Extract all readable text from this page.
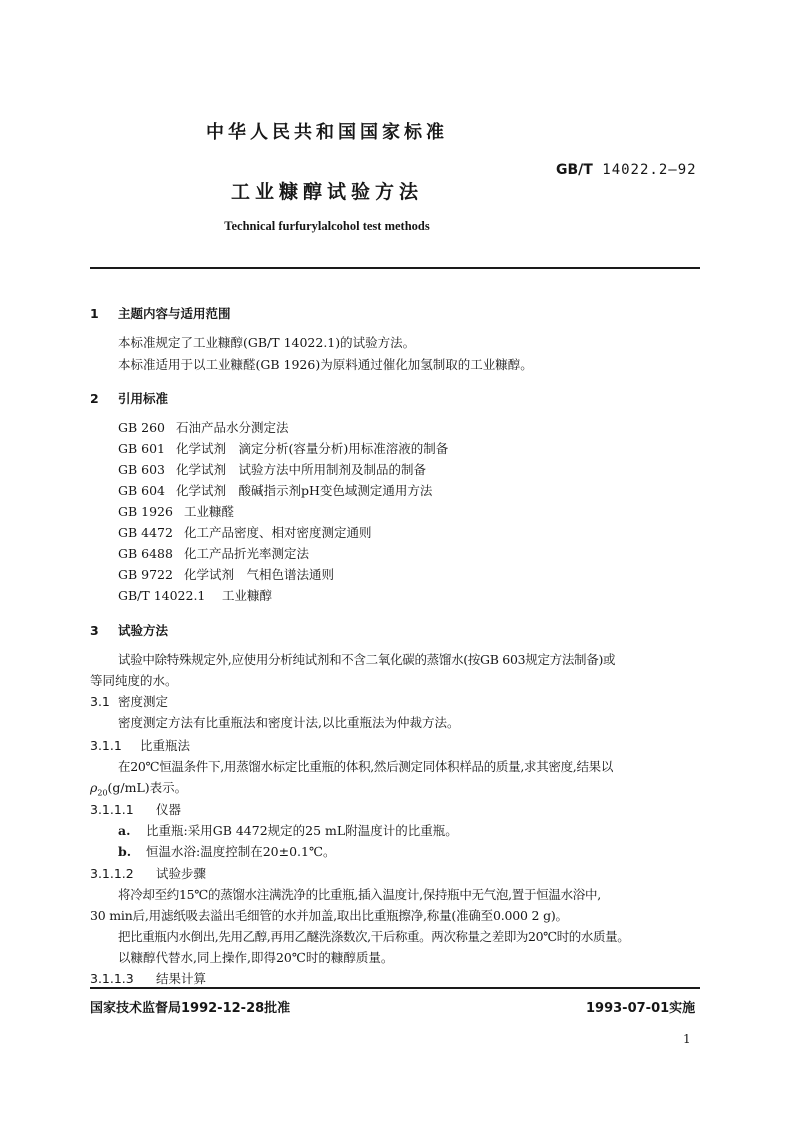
中华人民共和国国家标准
GB/T 14022.2—92
工业糠醇试验方法
Technical furfurylalcohol test methods
1 主题内容与适用范围
本标准规定了工业糠醇(GB/T 14022.1)的试验方法。
本标准适用于以工业糠醛(GB 1926)为原料通过催化加氢制取的工业糠醇。
2 引用标准
GB 260 石油产品水分测定法
GB 601 化学试剂　滴定分析(容量分析)用标准溶液的制备
GB 603 化学试剂　试验方法中所用制剂及制品的制备
GB 604 化学试剂　酸碱指示剂pH变色域测定通用方法
GB 1926 工业糠醛
GB 4472 化工产品密度、相对密度测定通则
GB 6488 化工产品折光率测定法
GB 9722 化学试剂　气相色谱法通则
GB/T 14022.1 工业糠醇
3 试验方法
试验中除特殊规定外,应使用分析纯试剂和不含二氧化碳的蒸馏水(按GB 603规定方法制备)或
等同纯度的水。
3.1 密度测定
密度测定方法有比重瓶法和密度计法,以比重瓶法为仲裁方法。
3.1.1 比重瓶法
在20℃恒温条件下,用蒸馏水标定比重瓶的体积,然后测定同体积样品的质量,求其密度,结果以
$\rho_{20}(g/mL)$表示。
3.1.1.1 仪器
a. 比重瓶:采用GB 4472规定的25 mL附温度计的比重瓶。
b. 恒温水浴:温度控制在20±0.1℃。
3.1.1.2 试验步骤
将冷却至约15℃的蒸馏水注满洗净的比重瓶,插入温度计,保持瓶中无气泡,置于恒温水浴中,
30 min后,用滤纸吸去溢出毛细管的水并加盖,取出比重瓶擦净,称量(准确至0.000 2 g)。
把比重瓶内水倒出,先用乙醇,再用乙醚洗涤数次,干后称重。两次称量之差即为20℃时的水质量。
以糠醇代替水,同上操作,即得20℃时的糠醇质量。
3.1.1.3 结果计算
国家技术监督局1992-12-28批准	1993-07-01实施
1
